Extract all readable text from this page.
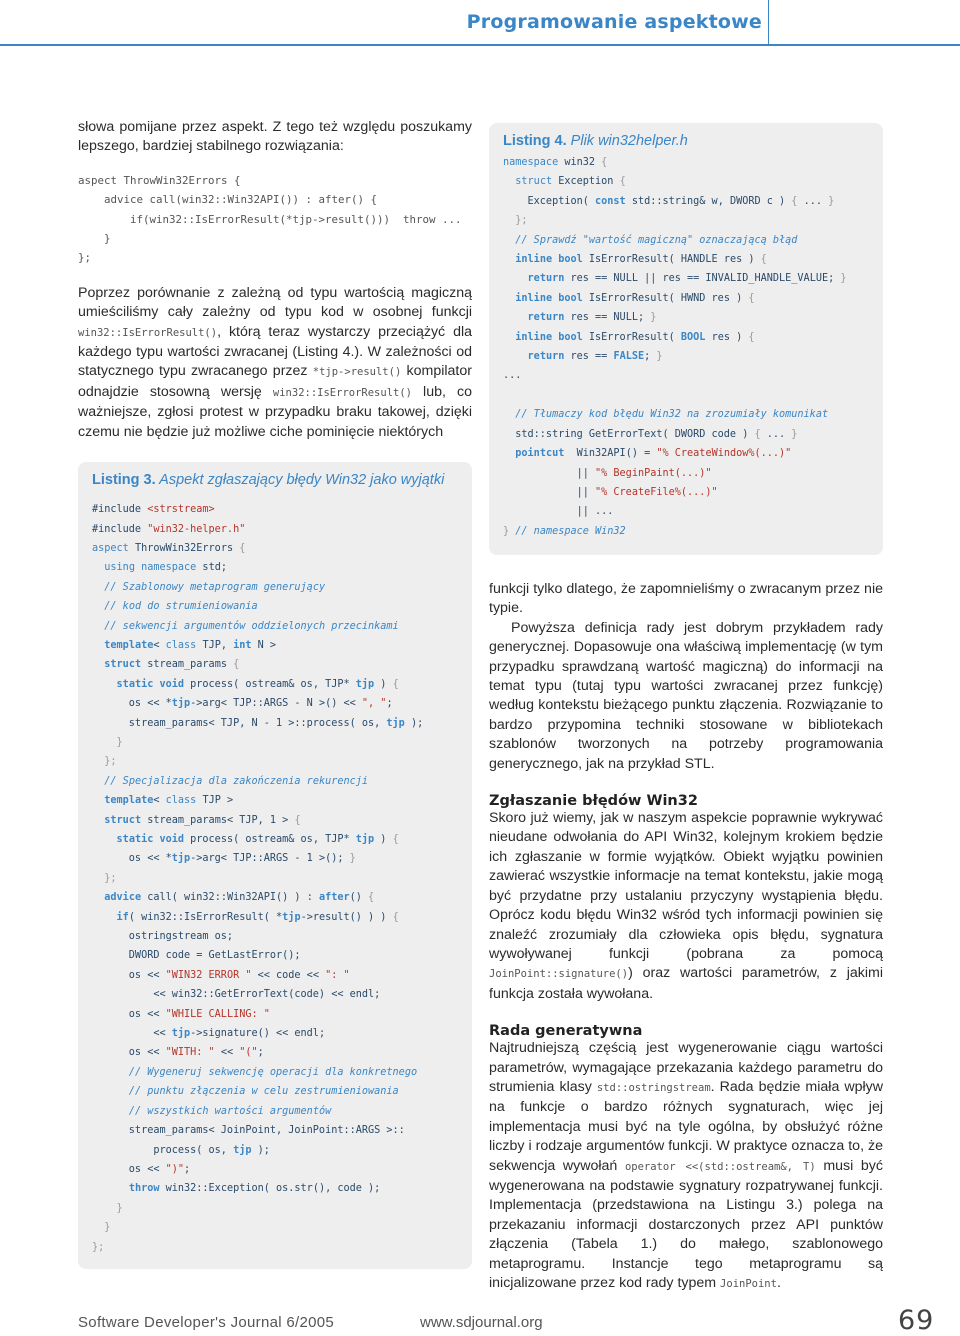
Programowanie aspektowe

słowa pomijane przez aspekt. Z tego też względu poszukamy lepszego, bardziej stabilnego rozwiązania:

aspect ThrowWin32Errors {
advice call(win32::Win32API()) : after() {
if(win32::IsErrorResult(*tjp->result()))  throw ...
}
};

Poprzez porównanie z zależną od typu wartością magiczną umieściliśmy cały zależny od typu kod w osobnej funkcji win32::IsErrorResult(), którą teraz wystarczy przeciążyć dla każdego typu wartości zwracanej (Listing 4.). W zależności od statycznego typu zwracanego przez *tjp->result() kompilator odnajdzie stosowną wersję win32::IsErrorResult() lub, co ważniejsze, zgłosi protest w przypadku braku takowej, dzięki czemu nie będzie już możliwe ciche pominięcie niektórych

Listing 3. Aspekt zgłaszający błędy Win32 jako wyjątki

#include <strstream>
#include "win32-helper.h"
aspect ThrowWin32Errors {
using namespace std;
// Szablonowy metaprogram generujący
// kod do strumieniowania
// sekwencji argumentów oddzielonych przecinkami
template< class TJP, int N >
struct stream_params {
static void process( ostream& os, TJP* tjp ) {
os << *tjp->arg< TJP::ARGS - N >() << ", ";
stream_params< TJP, N - 1 >::process( os, tjp );
}
};
// Specjalizacja dla zakończenia rekurencji
template< class TJP >
struct stream_params< TJP, 1 > {
static void process( ostream& os, TJP* tjp ) {
os << *tjp->arg< TJP::ARGS - 1 >(); }
};
advice call( win32::Win32API() ) : after() {
if( win32::IsErrorResult( *tjp->result() ) ) {
ostringstream os;
DWORD code = GetLastError();
os << "WIN32 ERROR " << code << ": "
<< win32::GetErrorText(code) << endl;
os << "WHILE CALLING: "
<< tjp->signature() << endl;
os << "WITH: " << "(";
// Wygeneruj sekwencję operacji dla konkretnego
// punktu złączenia w celu zestrumieniowania
// wszystkich wartości argumentów
stream_params< JoinPoint, JoinPoint::ARGS >::
process( os, tjp );
os << ")";
throw win32::Exception( os.str(), code );
}
}
};

Listing 4. Plik win32helper.h

namespace win32 {
struct Exception {
Exception( const std::string& w, DWORD c ) { ... }
};
// Sprawdź "wartość magiczną" oznaczającą błąd
inline bool IsErrorResult( HANDLE res ) {
return res == NULL || res == INVALID_HANDLE_VALUE; }
inline bool IsErrorResult( HWND res ) {
return res == NULL; }
inline bool IsErrorResult( BOOL res ) {
return res == FALSE; }
...

// Tłumaczy kod błędu Win32 na zrozumiały komunikat
std::string GetErrorText( DWORD code ) { ... }
pointcut  Win32API() = "% CreateWindow%(...)"
|| "% BeginPaint(...)"
|| "% CreateFile%(...)"
|| ...
} // namespace Win32

funkcji tylko dlatego, że zapomnieliśmy o zwracanym przez nie typie.

Powyższa definicja rady jest dobrym przykładem rady generycznej. Dopasowuje ona właściwą implementację (w tym przypadku sprawdzaną wartość magiczną) do informacji na temat typu (tutaj typu wartości zwracanej przez funkcję) według kontekstu bieżącego punktu złączenia. Rozwiązanie to bardzo przypomina techniki stosowane w bibliotekach szablonów tworzonych na potrzeby programowania generycznego, jak na przykład STL.

Zgłaszanie błędów Win32

Skoro już wiemy, jak w naszym aspekcie poprawnie wykrywać nieudane odwołania do API Win32, kolejnym krokiem będzie ich zgłaszanie w formie wyjątków. Obiekt wyjątku powinien zawierać wszystkie informacje na temat kontekstu, jakie mogą być przydatne przy ustalaniu przyczyny wystąpienia błędu. Oprócz kodu błędu Win32 wśród tych informacji powinien się znaleźć zrozumiały dla człowieka opis błędu, sygnatura wywoływanej funkcji (pobrana za pomocą JoinPoint::signature()) oraz wartości parametrów, z jakimi funkcja została wywołana.

Rada generatywna

Najtrudniejszą częścią jest wygenerowanie ciągu wartości parametrów, wymagające przekazania każdego parametru do strumienia klasy std::ostringstream. Rada będzie miała wpływ na funkcje o bardzo różnych sygnaturach, więc jej implementacja musi być na tyle ogólna, by obsłużyć różne liczby i rodzaje argumentów funkcji. W praktyce oznacza to, że sekwencja wywołań operator <<(std::ostream&, T) musi być wygenerowana na podstawie sygnatury rozpatrywanej funkcji. Implementacja (przedstawiona na Listingu 3.) polega na przekazaniu informacji dostarczonych przez API punktów złączenia (Tabela 1.) do małego, szablonowego metaprogramu. Instancje tego metaprogramu są inicjalizowane przez kod rady typem JoinPoint.

Software Developer's Journal 6/2005	www.sdjournal.org	69
